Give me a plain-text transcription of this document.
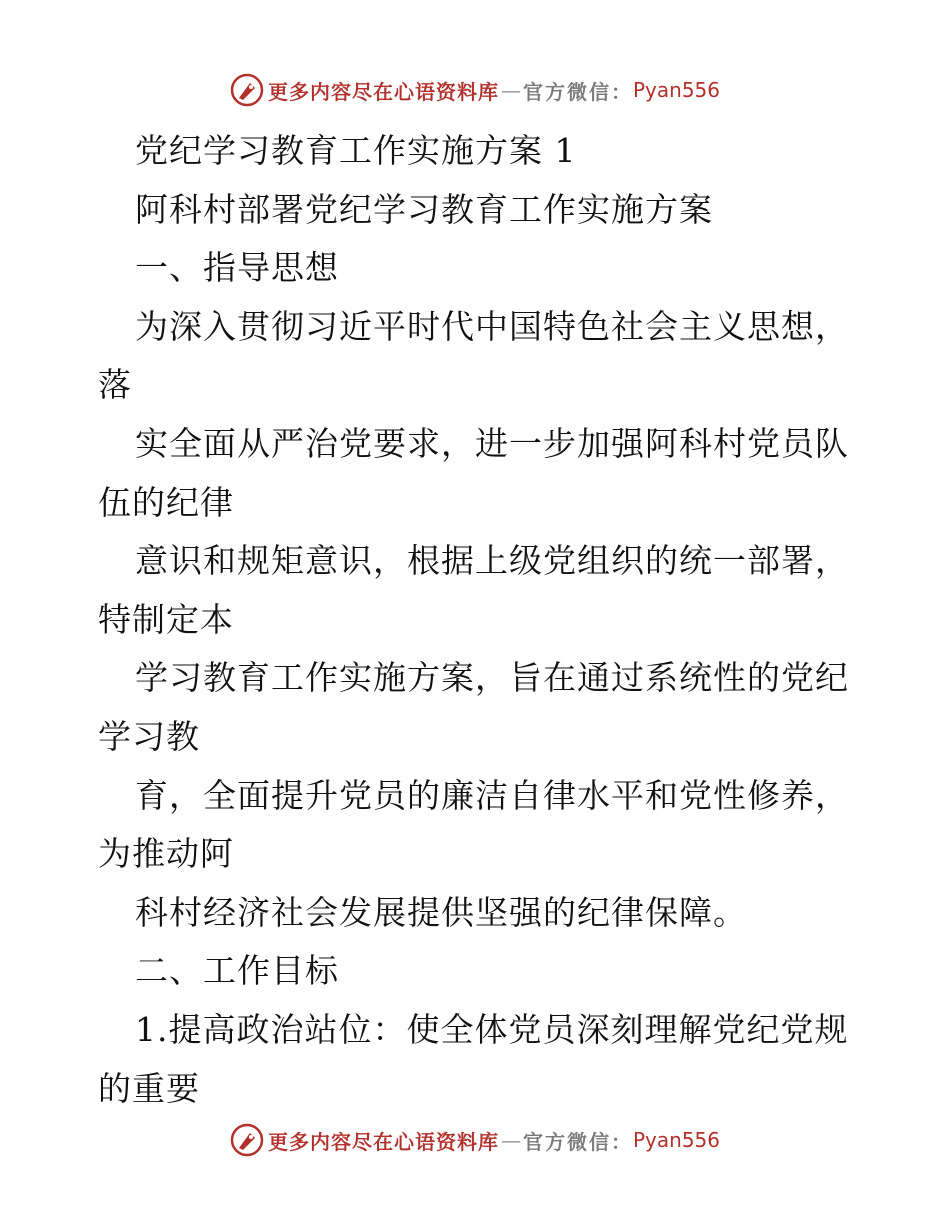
更多内容尽在心语资料库 — 官方微信： Pyan556
党纪学习教育工作实施方案 1
阿科村部署党纪学习教育工作实施方案
一、指导思想
为深入贯彻习近平时代中国特色社会主义思想，
落
实全面从严治党要求，进一步加强阿科村党员队
伍的纪律
意识和规矩意识，根据上级党组织的统一部署，
特制定本
学习教育工作实施方案，旨在通过系统性的党纪
学习教
育，全面提升党员的廉洁自律水平和党性修养，
为推动阿
科村经济社会发展提供坚强的纪律保障。
二、工作目标
1.提高政治站位：使全体党员深刻理解党纪党规
的重要
更多内容尽在心语资料库 — 官方微信： Pyan556
